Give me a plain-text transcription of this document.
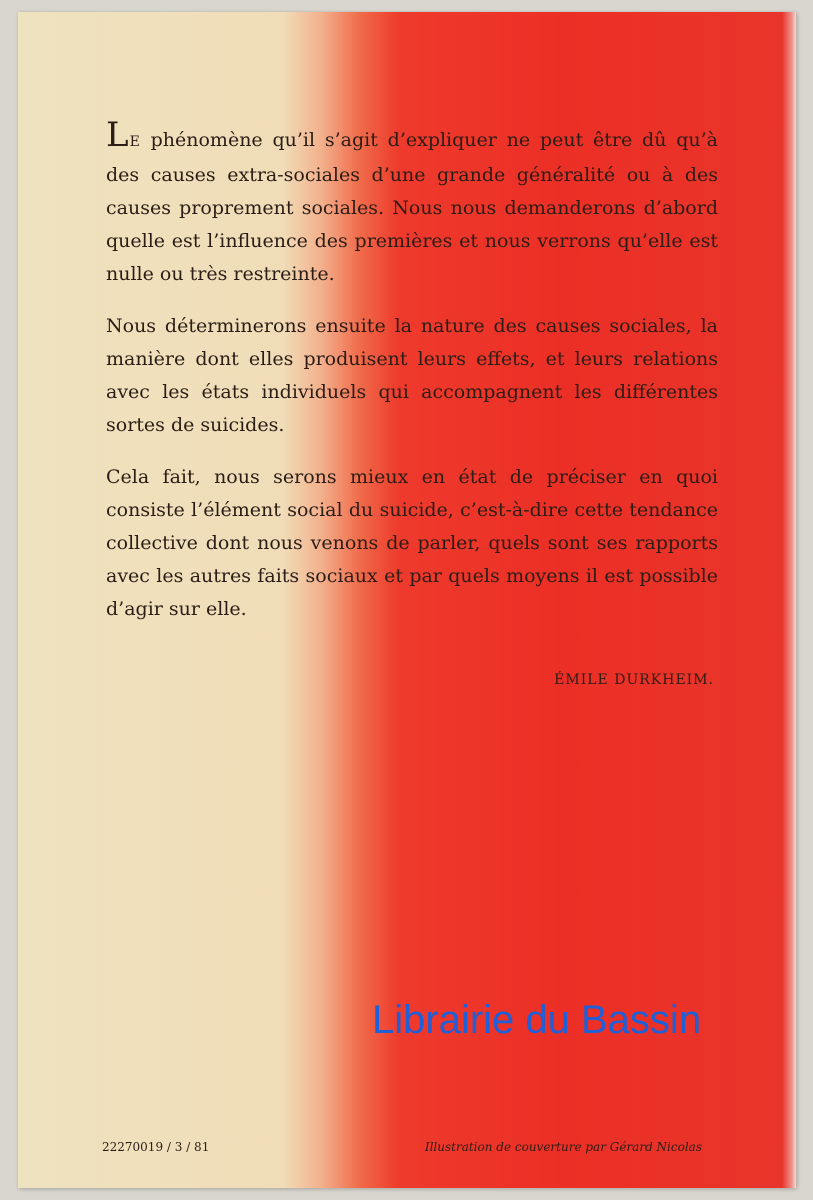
LE phénomène qu’il s’agit d’expliquer ne peut être dû qu’à des causes extra-sociales d’une grande généralité ou à des causes proprement sociales. Nous nous demanderons d’abord quelle est l’influence des premières et nous verrons qu’elle est nulle ou très restreinte.

Nous déterminerons ensuite la nature des causes sociales, la manière dont elles produisent leurs effets, et leurs relations avec les états individuels qui accompagnent les différentes sortes de suicides.

Cela fait, nous serons mieux en état de préciser en quoi consiste l’élément social du suicide, c’est-à-dire cette tendance collective dont nous venons de parler, quels sont ses rapports avec les autres faits sociaux et par quels moyens il est possible d’agir sur elle.

ÉMILE DURKHEIM.
22270019 / 3 / 81	Illustration de couverture par Gérard Nicolas
Librairie du Bassin
